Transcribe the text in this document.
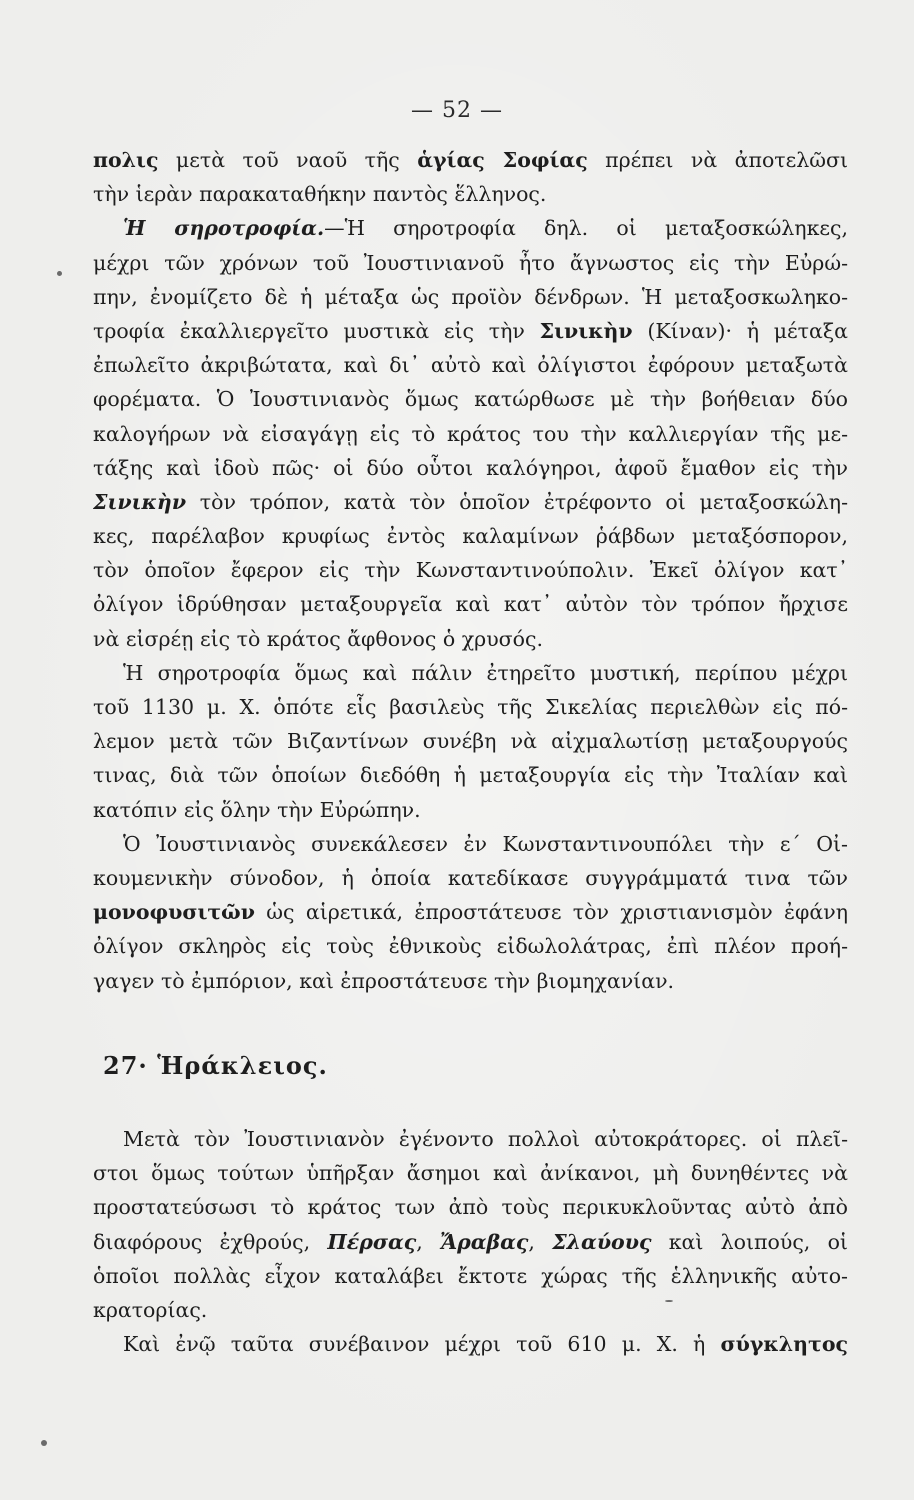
— 52 —
πολις μετὰ τοῦ ναοῦ τῆς ἁγίας Σοφίας πρέπει νὰ ἀποτελῶσι
τὴν ἱερὰν παρακαταθήκην παντὸς ἕλληνος.
Ἡ σηροτροφία.—Ἡ σηροτροφία δηλ. οἱ μεταξοσκώληκες,
μέχρι τῶν χρόνων τοῦ Ἰουστινιανοῦ ἦτο ἄγνωστος εἰς τὴν Εὐρώ-
πην, ἐνομίζετο δὲ ἡ μέταξα ὡς προϊὸν δένδρων. Ἡ μεταξοσκωληκο-
τροφία ἐκαλλιεργεῖτο μυστικὰ εἰς τὴν Σινικὴν (Κίναν)· ἡ μέταξα
ἐπωλεῖτο ἀκριβώτατα, καὶ δι᾿ αὐτὸ καὶ ὀλίγιστοι ἐφόρουν μεταξωτὰ
φορέματα. Ὁ Ἰουστινιανὸς ὅμως κατώρθωσε μὲ τὴν βοήθειαν δύο
καλογήρων νὰ εἰσαγάγῃ εἰς τὸ κράτος του τὴν καλλιεργίαν τῆς με-
τάξης καὶ ἰδοὺ πῶς· οἱ δύο οὗτοι καλόγηροι, ἀφοῦ ἔμαθον εἰς τὴν
Σινικὴν τὸν τρόπον, κατὰ τὸν ὁποῖον ἐτρέφοντο οἱ μεταξοσκώλη-
κες, παρέλαβον κρυφίως ἐντὸς καλαμίνων ῥάβδων μεταξόσπορον,
τὸν ὁποῖον ἔφερον εἰς τὴν Κωνσταντινούπολιν. Ἐκεῖ ὀλίγον κατ᾿
ὀλίγον ἱδρύθησαν μεταξουργεῖα καὶ κατ᾿ αὐτὸν τὸν τρόπον ἤρχισε
νὰ εἰσρέῃ εἰς τὸ κράτος ἄφθονος ὁ χρυσός.
Ἡ σηροτροφία ὅμως καὶ πάλιν ἐτηρεῖτο μυστική, περίπου μέχρι
τοῦ 1130 μ. Χ. ὁπότε εἷς βασιλεὺς τῆς Σικελίας περιελθὼν εἰς πό-
λεμον μετὰ τῶν Βιζαντίνων συνέβη νὰ αἰχμαλωτίσῃ μεταξουργούς
τινας, διὰ τῶν ὁποίων διεδόθη ἡ μεταξουργία εἰς τὴν Ἰταλίαν καὶ
κατόπιν εἰς ὅλην τὴν Εὐρώπην.
Ὁ Ἰουστινιανὸς συνεκάλεσεν ἐν Κωνσταντινουπόλει τὴν ε´ Οἰ-
κουμενικὴν σύνοδον, ἡ ὁποία κατεδίκασε συγγράμματά τινα τῶν
μονοφυσιτῶν ὡς αἱρετικά, ἐπροστάτευσε τὸν χριστιανισμὸν ἐφάνη
ὀλίγον σκληρὸς εἰς τοὺς ἐθνικοὺς εἰδωλολάτρας, ἐπὶ πλέον προή-
γαγεν τὸ ἐμπόριον, καὶ ἐπροστάτευσε τὴν βιομηχανίαν.
27· Ἡράκλειος.
Μετὰ τὸν Ἰουστινιανὸν ἐγένοντο πολλοὶ αὐτοκράτορες. οἱ πλεῖ-
στοι ὅμως τούτων ὑπῆρξαν ἄσημοι καὶ ἀνίκανοι, μὴ δυνηθέντες νὰ
προστατεύσωσι τὸ κράτος των ἀπὸ τοὺς περικυκλοῦντας αὐτὸ ἀπὸ
διαφόρους ἐχθρούς, Πέρσας, Ἄραβας, Σλαύους καὶ λοιπούς, οἱ
ὁποῖοι πολλὰς εἶχον καταλάβει ἔκτοτε χώρας τῆς ἑλληνικῆς αὐτο-
κρατορίας.
Καὶ ἐνῷ ταῦτα συνέβαινον μέχρι τοῦ 610 μ. Χ. ἡ σύγκλητος
